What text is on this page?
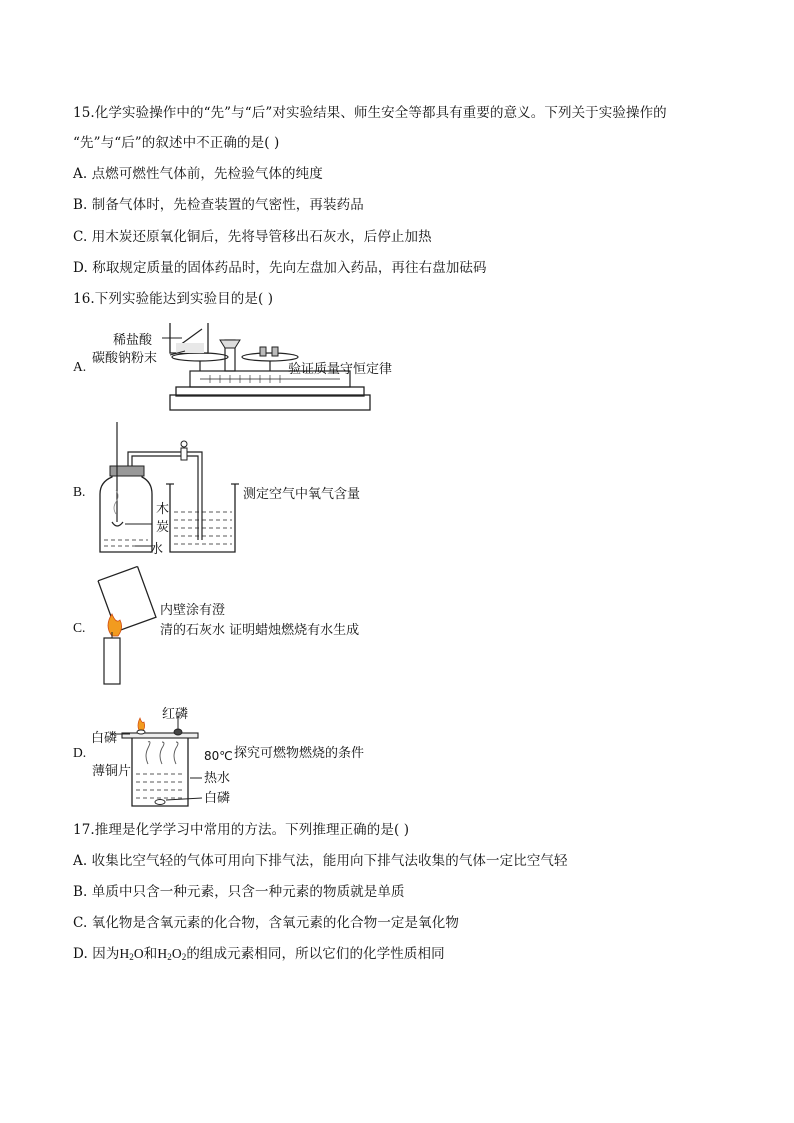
15.化学实验操作中的“先”与“后”对实验结果、师生安全等都具有重要的意义。下列关于实验操作的
“先”与“后”的叙述中不正确的是( )
A. 点燃可燃性气体前，先检验气体的纯度
B. 制备气体时，先检查装置的气密性，再装药品
C. 用木炭还原氧化铜后，先将导管移出石灰水，后停止加热
D. 称取规定质量的固体药品时，先向左盘加入药品，再往右盘加砝码
16.下列实验能达到实验目的是( )
A.
稀盐酸
碳酸钠粉末
验证质量守恒定律
B.
木
炭
水
测定空气中氧气含量
C.
内壁涂有澄
清的石灰水 证明蜡烛燃烧有水生成
D.
红磷
白磷
薄铜片
80℃
热水
白磷
探究可燃物燃烧的条件
17.推理是化学学习中常用的方法。下列推理正确的是( )
A. 收集比空气轻的气体可用向下排气法，能用向下排气法收集的气体一定比空气轻
B. 单质中只含一种元素，只含一种元素的物质就是单质
C. 氧化物是含氧元素的化合物，含氧元素的化合物一定是氧化物
D. 因为$H_2O$和$H_2O_2$的组成元素相同，所以它们的化学性质相同
